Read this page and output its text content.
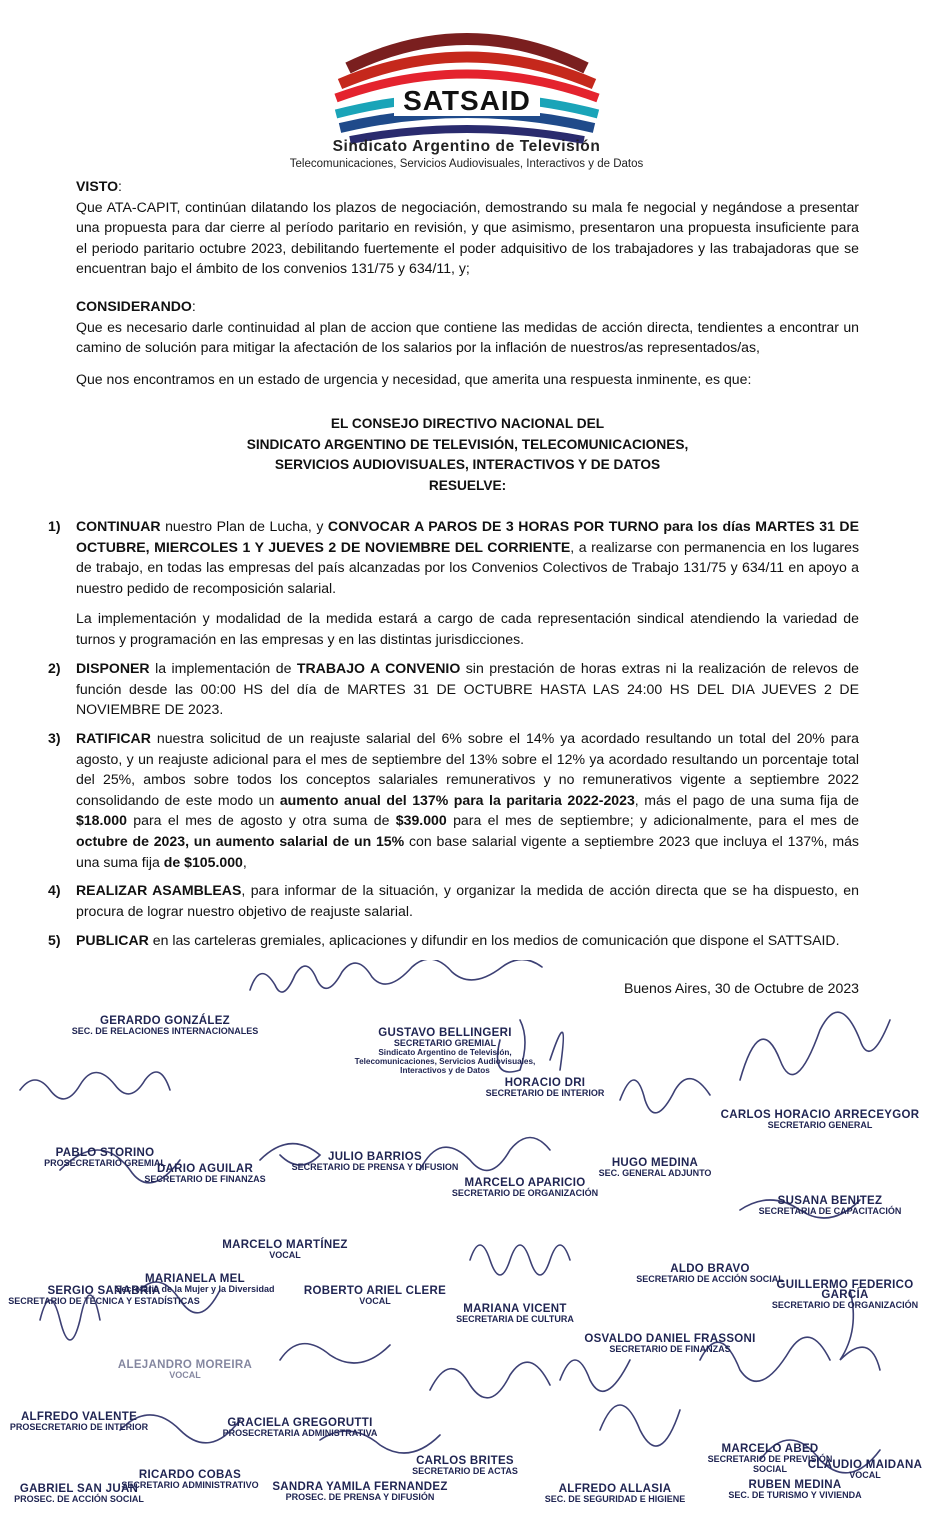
SATSAID
Sindicato Argentino de Televisión
Telecomunicaciones, Servicios Audiovisuales, Interactivos y de Datos

VISTO:

Que ATA-CAPIT, continúan dilatando los plazos de negociación, demostrando su mala fe negocial y negándose a presentar una propuesta para dar cierre al período paritario en revisión, y que asimismo, presentaron una propuesta insuficiente para el periodo paritario octubre 2023, debilitando fuertemente el poder adquisitivo de los trabajadores y las trabajadoras que se encuentran bajo el ámbito de los convenios 131/75 y 634/11, y;

CONSIDERANDO:

Que es necesario darle continuidad al plan de accion que contiene las medidas de acción directa, tendientes a encontrar un camino de solución para mitigar la afectación de los salarios por la inflación de nuestros/as representados/as,

Que nos encontramos en un estado de urgencia y necesidad, que amerita una respuesta inminente, es que:

EL CONSEJO DIRECTIVO NACIONAL DEL
SINDICATO ARGENTINO DE TELEVISIÓN, TELECOMUNICACIONES,
SERVICIOS AUDIOVISUALES, INTERACTIVOS Y DE DATOS
RESUELVE:
1) CONTINUAR nuestro Plan de Lucha, y CONVOCAR A PAROS DE 3 HORAS POR TURNO para los días MARTES 31 DE OCTUBRE, MIERCOLES 1 Y JUEVES 2 DE NOVIEMBRE DEL CORRIENTE, a realizarse con permanencia en los lugares de trabajo, en todas las empresas del país alcanzadas por los Convenios Colectivos de Trabajo 131/75 y 634/11 en apoyo a nuestro pedido de recomposición salarial.

La implementación y modalidad de la medida estará a cargo de cada representación sindical atendiendo la variedad de turnos y programación en las empresas y en las distintas jurisdicciones.

2) DISPONER la implementación de TRABAJO A CONVENIO sin prestación de horas extras ni la realización de relevos de función desde las 00:00 HS del día de MARTES 31 DE OCTUBRE HASTA LAS 24:00 HS DEL DIA JUEVES 2 DE NOVIEMBRE DE 2023.

3) RATIFICAR nuestra solicitud de un reajuste salarial del 6% sobre el 14% ya acordado resultando un total del 20% para agosto, y un reajuste adicional para el mes de septiembre del 13% sobre el 12% ya acordado resultando un porcentaje total del 25%, ambos sobre todos los conceptos salariales remunerativos y no remunerativos vigente a septiembre 2022 consolidando de este modo un aumento anual del 137% para la paritaria 2022-2023, más el pago de una suma fija de $18.000 para el mes de agosto y otra suma de $39.000 para el mes de septiembre; y adicionalmente, para el mes de octubre de 2023, un aumento salarial de un 15% con base salarial vigente a septiembre 2023 que incluya el 137%, más una suma fija de $105.000,

4) REALIZAR ASAMBLEAS, para informar de la situación, y organizar la medida de acción directa que se ha dispuesto, en procura de lograr nuestro objetivo de reajuste salarial.

5) PUBLICAR en las carteleras gremiales, aplicaciones y difundir en los medios de comunicación que dispone el SATTSAID.

Buenos Aires, 30 de Octubre de 2023
GERARDO GONZÁLEZ
SEC. DE RELACIONES INTERNACIONALES	GUSTAVO BELLINGERI
SECRETARIO GREMIAL
Sindicato Argentino de Televisión, Telecomunicaciones, Servicios Audiovisuales, Interactivos y de Datos
HORACIO DRI
SECRETARIO DE INTERIOR
CARLOS HORACIO ARRECEYGOR
SECRETARIO GENERAL
PABLO STORINO
PROSECRETARIO GREMIAL
DARIO AGUILAR
SECRETARIO DE FINANZAS
JULIO BARRIOS
SECRETARIO DE PRENSA Y DIFUSION	HUGO MEDINA
SEC. GENERAL ADJUNTO
MARCELO APARICIO
SECRETARIO DE ORGANIZACIÓN
SUSANA BENITEZ
SECRETARIA DE CAPACITACIÓN
MARCELO MARTÍNEZ
VOCAL
MARIANELA MEL
Secretaria de la Mujer y la Diversidad
ALDO BRAVO
SECRETARIO DE ACCIÓN SOCIAL
SERGIO SANABRIA
SECRETARIO DE TÉCNICA Y ESTADÍSTICAS
ROBERTO ARIEL CLERE
VOCAL
GUILLERMO FEDERICO GARCÍA
SECRETARIO DE ORGANIZACIÓN
MARIANA VICENT
SECRETARIA DE CULTURA
OSVALDO DANIEL FRASSONI
SECRETARIO DE FINANZAS
ALEJANDRO MOREIRA
VOCAL
ALFREDO VALENTE
PROSECRETARIO DE INTERIOR	GRACIELA GREGORUTTI
PROSECRETARIA ADMINISTRATIVA
CARLOS BRITES
SECRETARIO DE ACTAS
MARCELO ABED
SECRETARIO DE PREVISIÓN SOCIAL	CLAUDIO MAIDANA
VOCAL
RICARDO COBAS
SECRETARIO ADMINISTRATIVO
GABRIEL SAN JUAN
PROSEC. DE ACCIÓN SOCIAL
SANDRA YAMILA FERNANDEZ
PROSEC. DE PRENSA Y DIFUSIÓN
ALFREDO ALLASIA
SEC. DE SEGURIDAD E HIGIENE
RUBEN MEDINA
SEC. DE TURISMO Y VIVIENDA
